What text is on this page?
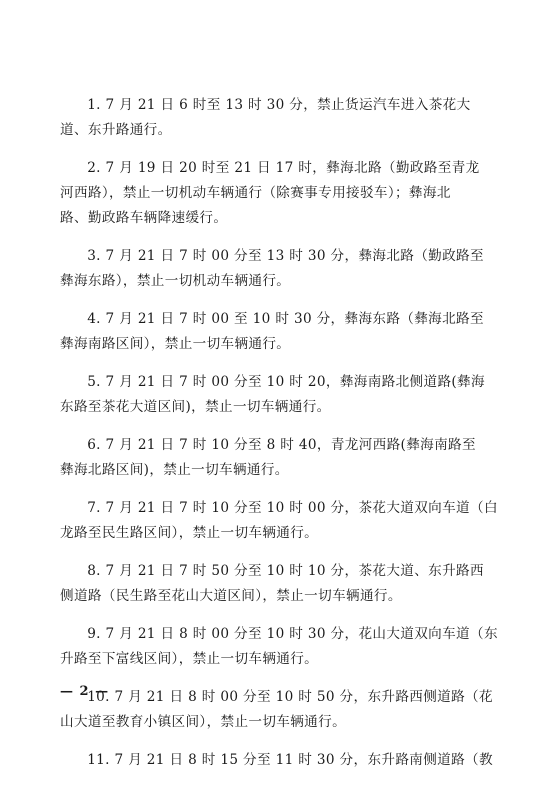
1. 7 月 21 日 6 时至 13 时 30 分，禁止货运汽车进入茶花大
道、东升路通行。

2. 7 月 19 日 20 时至 21 日 17 时，彝海北路（勤政路至青龙
河西路），禁止一切机动车辆通行（除赛事专用接驳车）；彝海北
路、勤政路车辆降速缓行。

3. 7 月 21 日 7 时 00 分至 13 时 30 分，彝海北路（勤政路至
彝海东路），禁止一切机动车辆通行。

4. 7 月 21 日 7 时 00 至 10 时 30 分，彝海东路（彝海北路至
彝海南路区间），禁止一切车辆通行。

5. 7 月 21 日 7 时 00 分至 10 时 20，彝海南路北侧道路(彝海
东路至茶花大道区间)，禁止一切车辆通行。

6. 7 月 21 日 7 时 10 分至 8 时 40，青龙河西路(彝海南路至
彝海北路区间)，禁止一切车辆通行。

7. 7 月 21 日 7 时 10 分至 10 时 00 分，茶花大道双向车道（白
龙路至民生路区间），禁止一切车辆通行。

8. 7 月 21 日 7 时 50 分至 10 时 10 分，茶花大道、东升路西
侧道路（民生路至花山大道区间），禁止一切车辆通行。

9. 7 月 21 日 8 时 00 分至 10 时 30 分，花山大道双向车道（东
升路至下富线区间），禁止一切车辆通行。

10. 7 月 21 日 8 时 00 分至 10 时 50 分，东升路西侧道路（花
山大道至教育小镇区间），禁止一切车辆通行。

11. 7 月 21 日 8 时 15 分至 11 时 30 分，东升路南侧道路（教

— 2 —
